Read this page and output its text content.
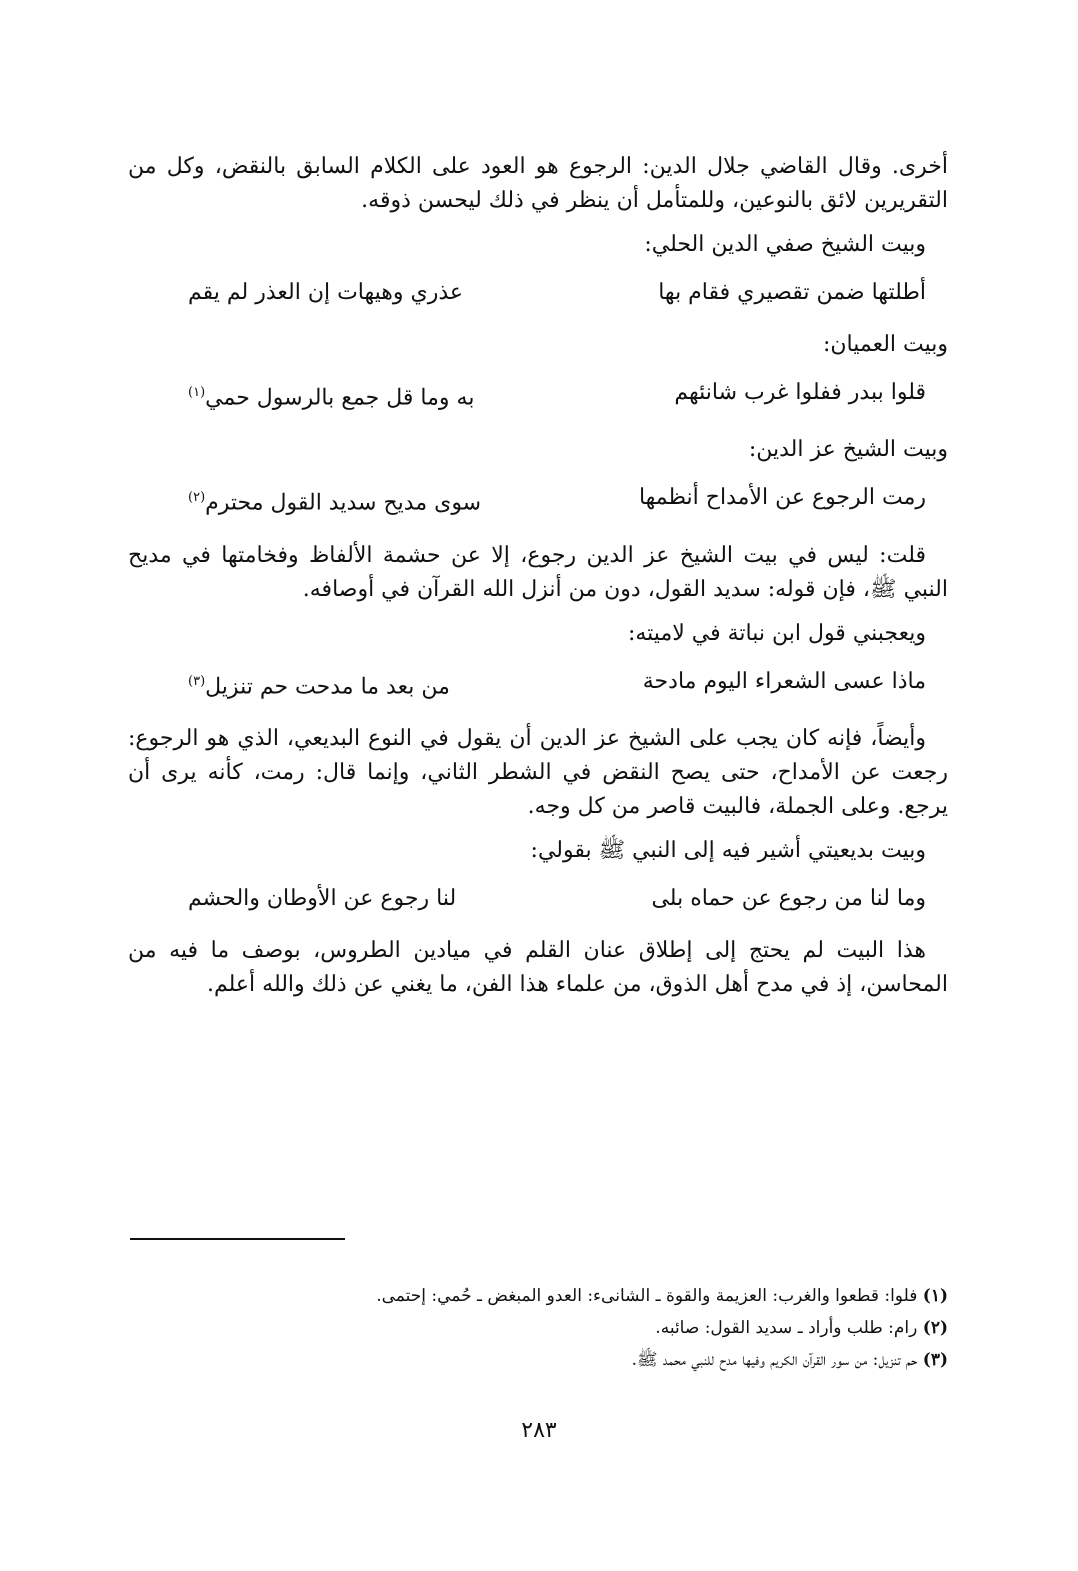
أخرى. وقال القاضي جلال الدين: الرجوع هو العود على الكلام السابق بالنقض، وكل من التقريرين لائق بالنوعين، وللمتأمل أن ينظر في ذلك ليحسن ذوقه.

وبيت الشيخ صفي الدين الحلي:

أطلتها ضمن تقصيري فقام بها
عذري وهيهات إن العذر لم يقم

وبيت العميان:

قلوا ببدر ففلوا غرب شانئهم
به وما قل جمع بالرسول حمي$^{(١)}$

وبيت الشيخ عز الدين:

رمت الرجوع عن الأمداح أنظمها
سوى مديح سديد القول محترم$^{(٢)}$

قلت: ليس في بيت الشيخ عز الدين رجوع، إلا عن حشمة الألفاظ وفخامتها في مديح النبي ﷺ، فإن قوله: سديد القول، دون من أنزل الله القرآن في أوصافه.

ويعجبني قول ابن نباتة في لاميته:

ماذا عسى الشعراء اليوم مادحة
من بعد ما مدحت حم تنزيل$^{(٣)}$

وأيضاً، فإنه كان يجب على الشيخ عز الدين أن يقول في النوع البديعي، الذي هو الرجوع: رجعت عن الأمداح، حتى يصح النقض في الشطر الثاني، وإنما قال: رمت، كأنه يرى أن يرجع. وعلى الجملة، فالبيت قاصر من كل وجه.

وبيت بديعيتي أشير فيه إلى النبي ﷺ بقولي:

وما لنا من رجوع عن حماه بلى
لنا رجوع عن الأوطان والحشم

هذا البيت لم يحتج إلى إطلاق عنان القلم في ميادين الطروس، بوصف ما فيه من المحاسن، إذ في مدح أهل الذوق، من علماء هذا الفن، ما يغني عن ذلك والله أعلم.

(١) فلوا: قطعوا والغرب: العزيمة والقوة ـ الشانىء: العدو المبغض ـ حُمي: إحتمى.

(٢) رام: طلب وأراد ـ سديد القول: صائبه.

(٣) حم تنزيل: من سور القرآن الكريم وفيها مدح للنبي محمد ﷺ.

٢٨٣
